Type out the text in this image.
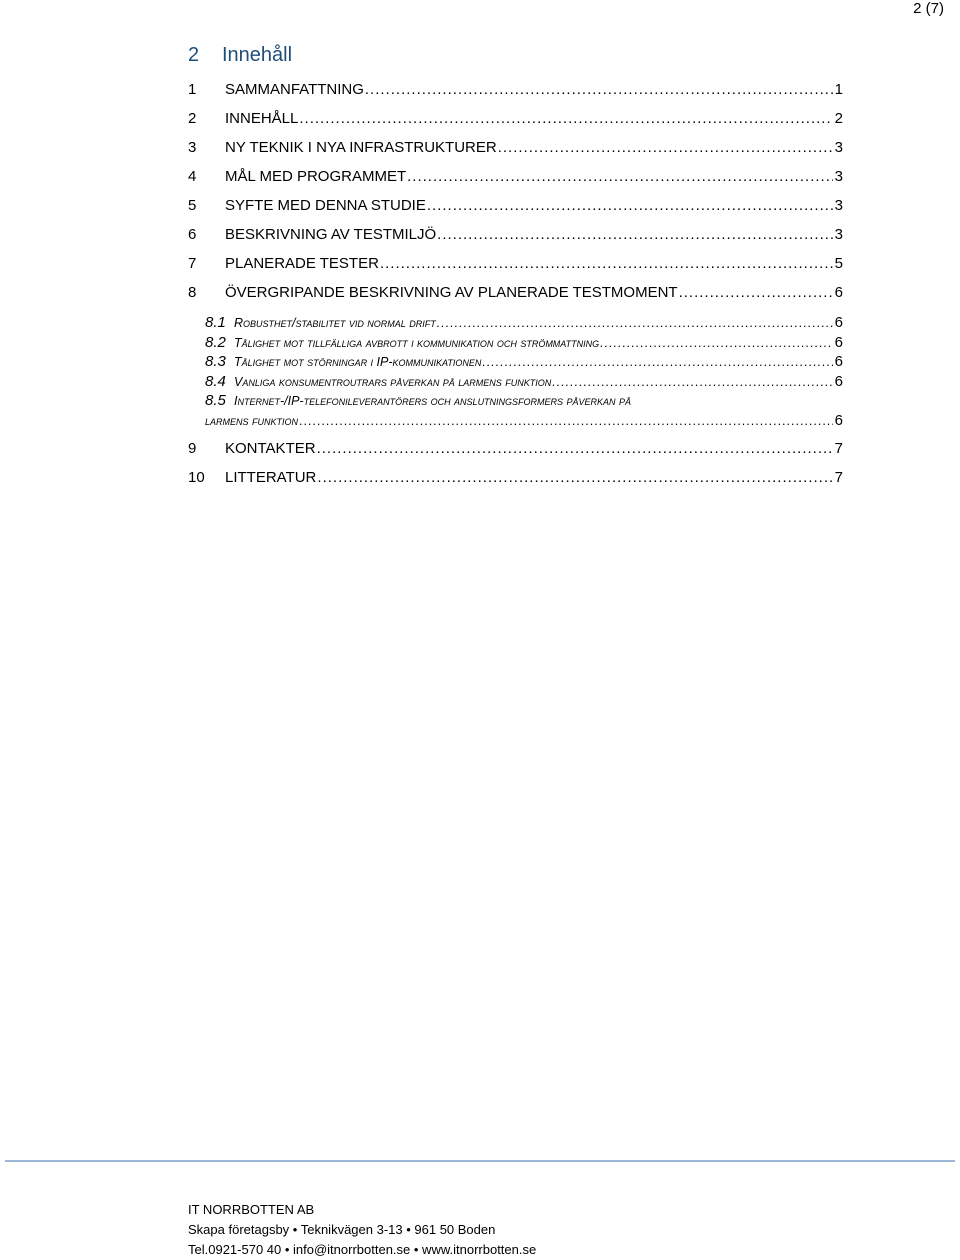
2 (7)
2 Innehåll
1	SAMMANFATTNING .....	1
2	INNEHÅLL .....	2
3	NY TEKNIK I NYA INFRASTRUKTURER .....	3
4	MÅL MED PROGRAMMET .....	3
5	SYFTE MED DENNA STUDIE .....	3
6	BESKRIVNING AV TESTMILJÖ .....	3
7	PLANERADE TESTER .....	5
8	ÖVERGRIPANDE BESKRIVNING AV PLANERADE TESTMOMENT .....	6
8.1 Robusthet/stabilitet vid normal drift .....	6
8.2 Tålighet mot tillfälliga avbrott i kommunikation och strömmattning .....	6
8.3 Tålighet mot störningar i IP-kommunikationen .....	6
8.4 Vanliga konsumentroutrars påverkan på larmens funktion .....	6
8.5 Internet-/IP-telefonileverantörers och anslutningsformers påverkan på
larmens funktion .....	6
9	KONTAKTER .....	7
10	LITTERATUR .....	7
IT NORRBOTTEN AB
Skapa företagsby • Teknikvägen 3-13 • 961 50 Boden
Tel.0921-570 40 • info@itnorrbotten.se • www.itnorrbotten.se
